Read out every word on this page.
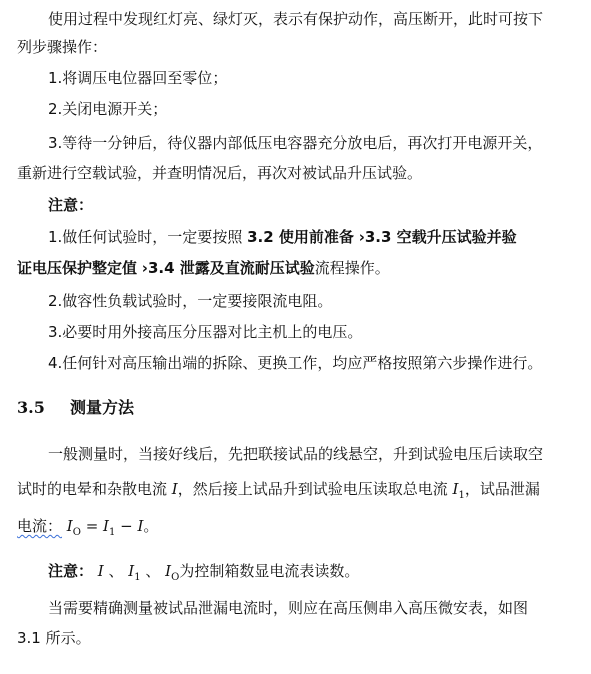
使用过程中发现红灯亮、绿灯灭，表示有保护动作，高压断开，此时可按下
列步骤操作：
1.将调压电位器回至零位；
2.关闭电源开关；
3.等待一分钟后，待仪器内部低压电容器充分放电后，再次打开电源开关，
重新进行空载试验，并查明情况后，再次对被试品升压试验。
注意：
1.做任何试验时，一定要按照 3.2 使用前准备 ›3.3 空载升压试验并验
证电压保护整定值 ›3.4 泄露及直流耐压试验流程操作。
2.做容性负载试验时，一定要接限流电阻。
3.必要时用外接高压分压器对比主机上的电压。
4.任何针对高压输出端的拆除、更换工作，均应严格按照第六步操作进行。
3.5 测量方法
一般测量时，当接好线后，先把联接试品的线悬空，升到试验电压后读取空
试时的电晕和杂散电流 I，然后接上试品升到试验电压读取总电流 $I_1$，试品泄漏
电流： $I_O = I_1 - I$。
注意： I 、 $I_1$ 、 $I_O$为控制箱数显电流表读数。
当需要精确测量被试品泄漏电流时，则应在高压侧串入高压微安表，如图
3.1 所示。
